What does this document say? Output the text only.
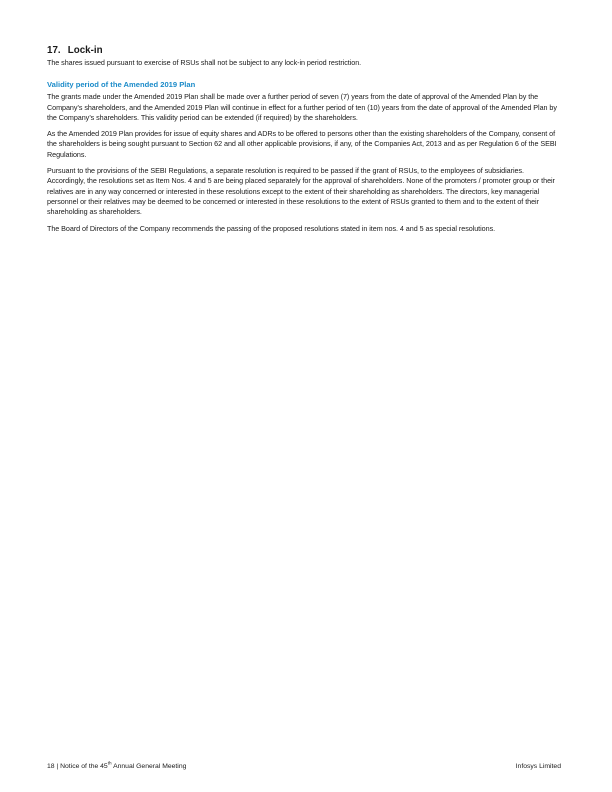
17. Lock-in

The shares issued pursuant to exercise of RSUs shall not be subject to any lock-in period restriction.

Validity period of the Amended 2019 Plan

The grants made under the Amended 2019 Plan shall be made over a further period of seven (7) years from the date of approval of the Amended Plan by the Company’s shareholders, and the Amended 2019 Plan will continue in effect for a further period of ten (10) years from the date of approval of the Amended Plan by the Company’s shareholders. This validity period can be extended (if required) by the shareholders.

As the Amended 2019 Plan provides for issue of equity shares and ADRs to be offered to persons other than the existing shareholders of the Company, consent of the shareholders is being sought pursuant to Section 62 and all other applicable provisions, if any, of the Companies Act, 2013 and as per Regulation 6 of the SEBI Regulations.

Pursuant to the provisions of the SEBI Regulations, a separate resolution is required to be passed if the grant of RSUs, to the employees of subsidiaries. Accordingly, the resolutions set as Item Nos. 4 and 5 are being placed separately for the approval of shareholders. None of the promoters / promoter group or their relatives are in any way concerned or interested in these resolutions except to the extent of their shareholding as shareholders. The directors, key managerial personnel or their relatives may be deemed to be concerned or interested in these resolutions to the extent of RSUs granted to them and to the extent of their shareholding as shareholders.

The Board of Directors of the Company recommends the passing of the proposed resolutions stated in item nos. 4 and 5 as special resolutions.

18 | Notice of the 45th Annual General Meeting	Infosys Limited
